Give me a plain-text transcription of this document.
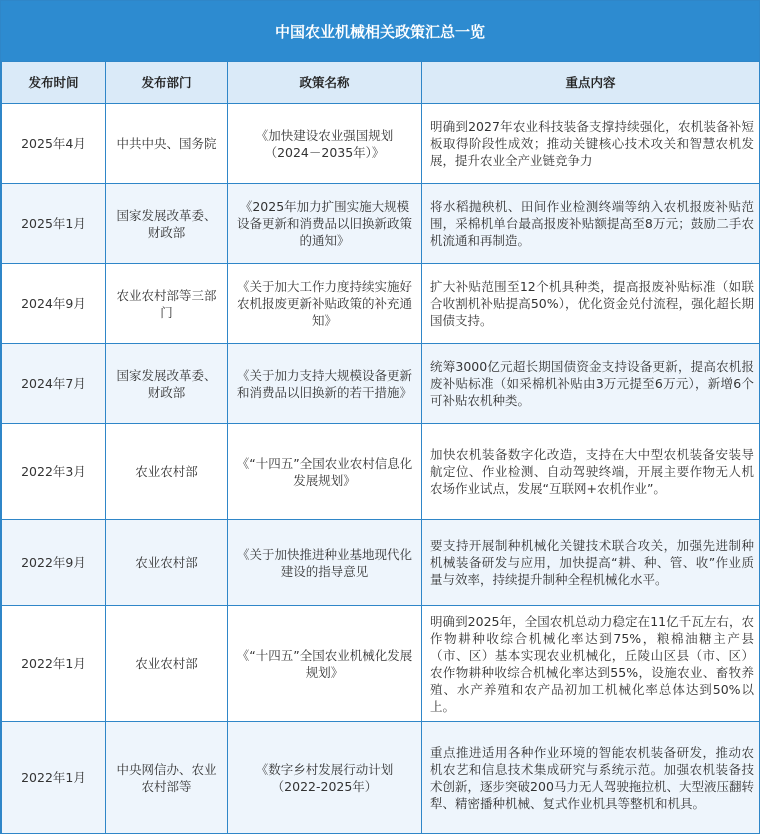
中国农业机械相关政策汇总一览
发布时间	发布部门	政策名称	重点内容
2025年4月	中共中央、国务院	《加快建设农业强国规划（2024－2035年）》	明确到2027年农业科技装备支撑持续强化，农机装备补短板取得阶段性成效；推动关键核心技术攻关和智慧农机发展，提升农业全产业链竞争力
2025年1月	国家发展改革委、财政部	《2025年加力扩围实施大规模设备更新和消费品以旧换新政策的通知》	将水稻抛秧机、田间作业检测终端等纳入农机报废补贴范围，采棉机单台最高报废补贴额提高至8万元；鼓励二手农机流通和再制造。
2024年9月	农业农村部等三部门	《关于加大工作力度持续实施好农机报废更新补贴政策的补充通知》	扩大补贴范围至12个机具种类，提高报废补贴标准（如联合收割机补贴提高50%），优化资金兑付流程，强化超长期国债支持。
2024年7月	国家发展改革委、财政部	《关于加力支持大规模设备更新和消费品以旧换新的若干措施》	统筹3000亿元超长期国债资金支持设备更新，提高农机报废补贴标准（如采棉机补贴由3万元提至6万元），新增6个可补贴农机种类。
2022年3月	农业农村部	《“十四五”全国农业农村信息化发展规划》	加快农机装备数字化改造，支持在大中型农机装备安装导航定位、作业检测、自动驾驶终端，开展主要作物无人机农场作业试点，发展“互联网+农机作业”。
2022年9月	农业农村部	《关于加快推进种业基地现代化建设的指导意见	要支持开展制种机械化关键技术联合攻关，加强先进制种机械装备研发与应用，加快提高“耕、种、管、收”作业质量与效率，持续提升制种全程机械化水平。
2022年1月	农业农村部	《“十四五”全国农业机械化发展规划》	明确到2025年，全国农机总动力稳定在11亿千瓦左右，农作物耕种收综合机械化率达到75%，粮棉油糖主产县（市、区）基本实现农业机械化，丘陵山区县（市、区）农作物耕种收综合机械化率达到55%，设施农业、畜牧养殖、水产养殖和农产品初加工机械化率总体达到50%以上。
2022年1月	中央网信办、农业农村部等	《数字乡村发展行动计划（2022-2025年）	重点推进适用各种作业环境的智能农机装备研发，推动农机农艺和信息技术集成研究与系统示范。加强农机装备技术创新，逐步突破200马力无人驾驶拖拉机、大型液压翻转犁、精密播种机械、复式作业机具等整机和机具。
